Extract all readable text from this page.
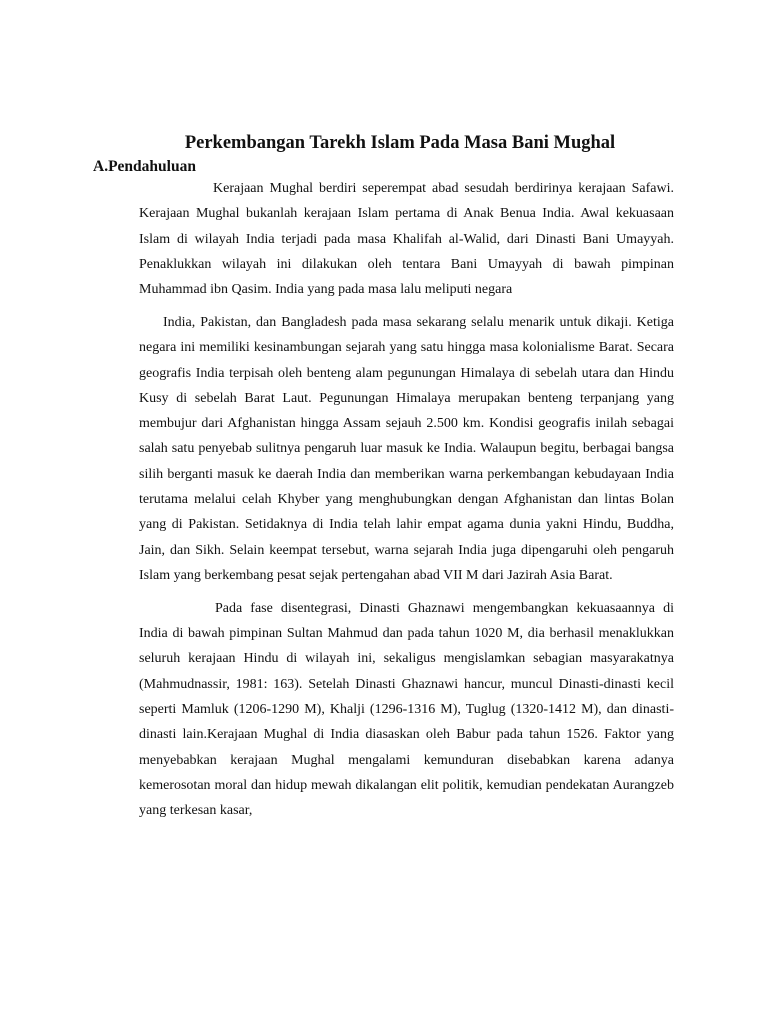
Perkembangan Tarekh Islam Pada Masa Bani Mughal
A.Pendahuluan

Kerajaan Mughal berdiri seperempat abad sesudah berdirinya kerajaan Safawi. Kerajaan Mughal bukanlah kerajaan Islam pertama di Anak Benua India. Awal kekuasaan Islam di wilayah India terjadi pada masa Khalifah al-Walid, dari Dinasti Bani Umayyah. Penaklukkan wilayah ini dilakukan oleh tentara Bani Umayyah di bawah pimpinan Muhammad ibn Qasim. India yang pada masa lalu meliputi negara

India, Pakistan, dan Bangladesh pada masa sekarang selalu menarik untuk dikaji. Ketiga negara ini memiliki kesinambungan sejarah yang satu hingga masa kolonialisme Barat. Secara geografis India terpisah oleh benteng alam pegunungan Himalaya di sebelah utara dan Hindu Kusy di sebelah Barat Laut. Pegunungan Himalaya merupakan benteng terpanjang yang membujur dari Afghanistan hingga Assam sejauh 2.500 km. Kondisi geografis inilah sebagai salah satu penyebab sulitnya pengaruh luar masuk ke India. Walaupun begitu, berbagai bangsa silih berganti masuk ke daerah India dan memberikan warna perkembangan kebudayaan India terutama melalui celah Khyber yang menghubungkan dengan Afghanistan dan lintas Bolan yang di Pakistan. Setidaknya di India telah lahir empat agama dunia yakni Hindu, Buddha, Jain, dan Sikh. Selain keempat tersebut, warna sejarah India juga dipengaruhi oleh pengaruh Islam yang berkembang pesat sejak pertengahan abad VII M dari Jazirah Asia Barat.

Pada fase disentegrasi, Dinasti Ghaznawi mengembangkan kekuasaannya di India di bawah pimpinan Sultan Mahmud dan pada tahun 1020 M, dia berhasil menaklukkan seluruh kerajaan Hindu di wilayah ini, sekaligus mengislamkan sebagian masyarakatnya (Mahmudnassir, 1981: 163). Setelah Dinasti Ghaznawi hancur, muncul Dinasti-dinasti kecil seperti Mamluk (1206-1290 M), Khalji (1296-1316 M), Tuglug (1320-1412 M), dan dinasti-dinasti lain.Kerajaan Mughal di India diasaskan oleh Babur pada tahun 1526. Faktor yang menyebabkan kerajaan Mughal mengalami kemunduran disebabkan karena adanya kemerosotan moral dan hidup mewah dikalangan elit politik, kemudian pendekatan Aurangzeb yang terkesan kasar,
